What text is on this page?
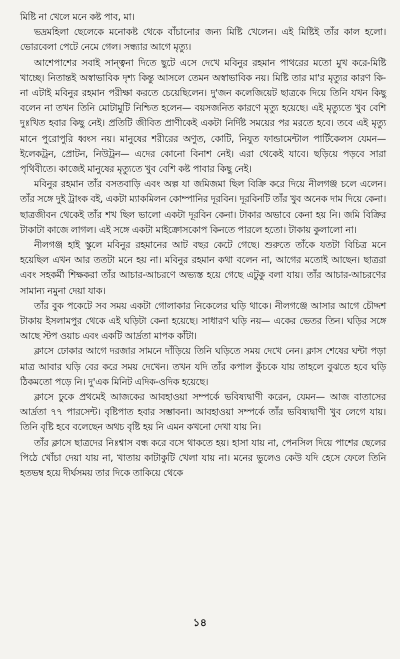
মিষ্টি না খেলে মনে কষ্ট পাব, মা।

ভদ্রমহিলা ছেলেকে মনোকষ্ট থেকে বাঁচানোর জন্য মিষ্টি খেলেন। এই মিষ্টিই তাঁর কাল হলো। ভোরবেলা পেটে নেমে গেল। সন্ধ্যার আগে মৃত্যু।

আশেপাশের সবাই সান্ত্বনা দিতে ছুটে এসে দেখে মবিনুর রহমান পাথরের মতো মুখ করে-মিষ্টি খাচ্ছে। নিতান্তই অস্বাভাবিক দৃশ্য কিন্তু আসলে তেমন অস্বাভাবিক নয়। মিষ্টি তার মা'র মৃত্যুর কারণ কি-না এটাই মবিনুর রহমান পরীক্ষা করতে চেয়েছিলেন। দু'জন কলেজিয়েট ছাত্রকে দিয়ে তিনি যখন কিছু বলেন না তখন তিনি মোটামুটি নিশ্চিত হলেন— বয়সজনিত কারণে মৃত্যু হয়েছে। এই মৃত্যুতে খুব বেশি দুঃখিত হবার কিছু নেই। প্রতিটি জীবিত প্রাণীকেই একটা নির্দিষ্ট সময়ের পর মরতে হবে। তবে এই মৃত্যু মানে পুরোপুরি ধ্বংস নয়। মানুষের শরীরের অণুত, কোটি, নিযুত ফান্ডামেন্টাল পার্টিকেলস যেমন— ইলেকট্রন, প্রোটন, নিউট্রন— এদের কোনো বিনাশ নেই। এরা থেকেই যাবে। ছড়িয়ে পড়বে সারা পৃথিবীতে। কাজেই মানুষের মৃত্যুতে খুব বেশি কষ্ট পাবার কিছু নেই।

মবিনুর রহমান তাঁর বসতবাড়ি এবং অল্প যা জমিজমা ছিল বিক্রি করে দিয়ে নীলগঞ্জ চলে এলেন। তাঁর সঙ্গে দুই ট্রাংক বই, একটা ম্যাকমিলন কোম্পানির দূরবিন। দূরবিনটি তাঁর খুব অনেক দাম দিয়ে কেনা। ছাত্রজীবন থেকেই তাঁর শখ ছিল ভালো একটা দূরবিন কেনা। টাকার অভাবে কেনা হয় নি। জমি বিক্রির টাকাটা কাজে লাগল। এই সঙ্গে একটা মাইক্রোসকোপ কিনতে পারলে হতো। টাকায় কুলালো না।

নীলগঞ্জ হাই স্কুলে মবিনুর রহমানের আট বছর কেটে গেছে। শুরুতে তাঁকে যতটা বিচিত্র মনে হয়েছিল এখন আর ততটা মনে হয় না। মবিনুর রহমান কথা বলেন না, আগের মতোই আছেন। ছাত্ররা এবং সহকর্মী শিক্ষকরা তাঁর আচার-আচরণে অভ্যস্ত হয়ে গেছে এটুকু বলা যায়। তাঁর আচার-আচরণের সামান্য নমুনা দেয়া যাক।

তাঁর বুক পকেটে সব সময় একটা গোলাকার নিকেলের ঘড়ি থাকে। নীলগঞ্জে আসার আগে চৌদ্দশ টাকায় ইসলামপুর থেকে এই ঘড়িটা কেনা হয়েছে। সাধারণ ঘড়ি নয়— একের ভেতর তিন। ঘড়ির সঙ্গে আছে স্টপ ওয়াচ এবং একটি আর্দ্রতা মাপক কাঁটা।

ক্লাসে ঢোকার আগে দরজার সামনে দাঁড়িয়ে তিনি ঘড়িতে সময় দেখে নেন। ক্লাস শেষের ঘন্টা পড়া মাত্র আবার ঘড়ি বের করে সময় দেখেন। তখন যদি তাঁর কপাল কুঁচকে যায় তাহলে বুঝতে হবে ঘড়ি ঠিকমতো পড়ে নি। দু'এক মিনিট এদিক-ওদিক হয়েছে।

ক্লাসে ঢুকে প্রথমেই আজকের আবহাওয়া সম্পর্কে ভবিষ্যদ্বাণী করেন, যেমন— আজ বাতাসের আর্দ্রতা ৭৭ পারসেন্ট। বৃষ্টিপাত হবার সম্ভাবনা। আবহাওয়া সম্পর্কে তাঁর ভবিষ্যদ্বাণী খুব লেগে যায়। তিনি বৃষ্টি হবে বলেছেন অথচ বৃষ্টি হয় নি এমন কখনো দেখা যায় নি।

তাঁর ক্লাসে ছাত্রদের নিঃশ্বাস বন্ধ করে বসে থাকতে হয়। হাসা যায় না, পেনসিল দিয়ে পাশের ছেলের পিঠে খোঁচা দেয়া যায় না, খাতায় কাটাকুটি খেলা যায় না। মনের ভুলেও কেউ যদি হেসে ফেলে তিনি হতভম্ব হয়ে দীর্ঘসময় তার দিকে তাকিয়ে থেকে

১৪
